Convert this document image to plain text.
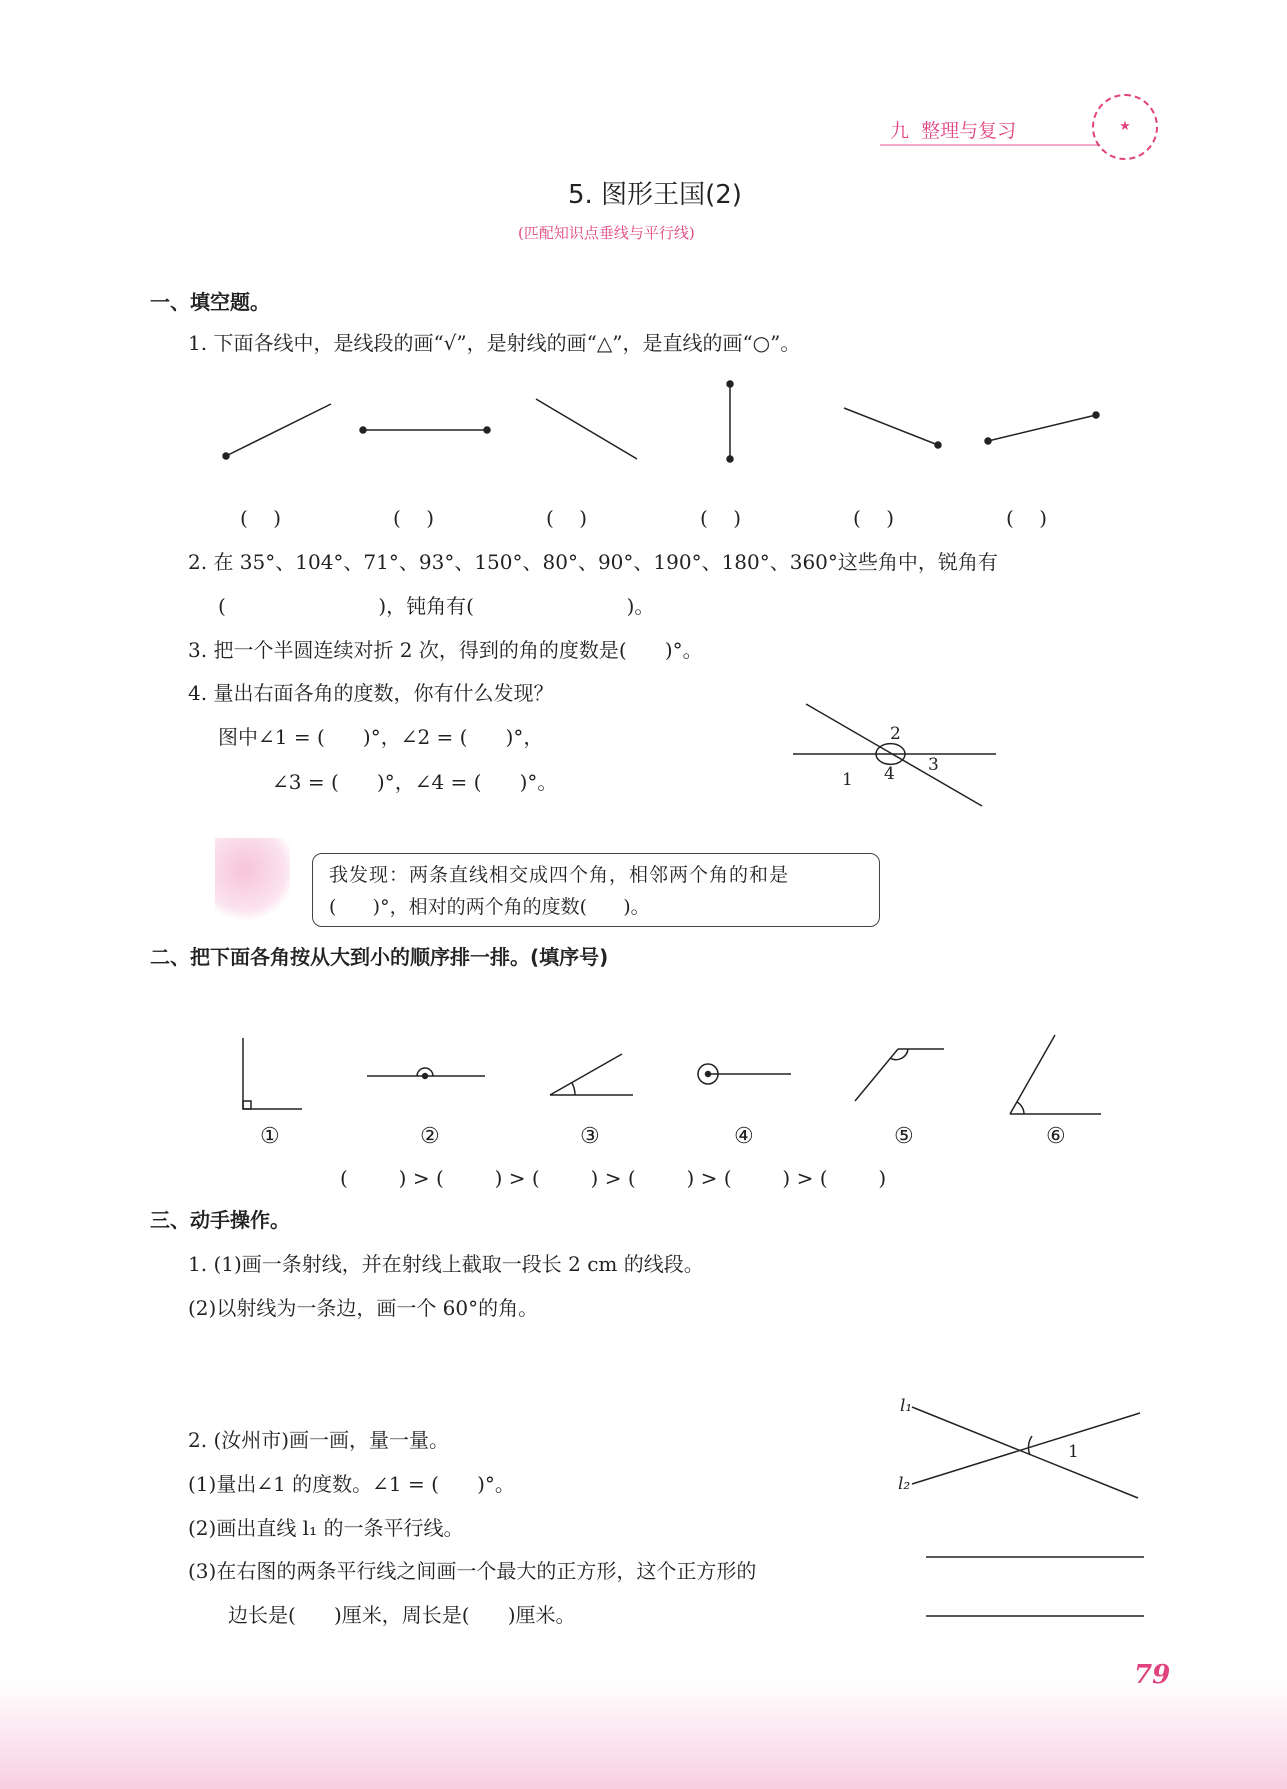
九  整理与复习	★
5. 图形王国(2)
(匹配知识点垂线与平行线)
一、填空题。
1. 下面各线中，是线段的画“√”，是射线的画“△”，是直线的画“○”。
(    )	(    )	(    )	(    )	(    )	(    )
2. 在 35°、104°、71°、93°、150°、80°、90°、190°、180°、360°这些角中，锐角有
(                        )，钝角有(                        )。
3. 把一个半圆连续对折 2 次，得到的角的度数是(      )°。
4. 量出右面各角的度数，你有什么发现？
图中∠1 = (      )°，∠2 = (      )°，
∠3 = (      )°，∠4 = (      )°。	1
2
3
4
我发现：两条直线相交成四个角，相邻两个角的和是
(      )°，相对的两个角的度数(      )。
二、把下面各角按从大到小的顺序排一排。(填序号)
①	②	③	④	⑤	⑥
(        ) > (        ) > (        ) > (        ) > (        ) > (        )
三、动手操作。
1. (1)画一条射线，并在射线上截取一段长 2 cm 的线段。
(2)以射线为一条边，画一个 60°的角。
2. (汝州市)画一画，量一量。
(1)量出∠1 的度数。∠1 = (      )°。
(2)画出直线 l₁ 的一条平行线。
(3)在右图的两条平行线之间画一个最大的正方形，这个正方形的
边长是(      )厘米，周长是(      )厘米。
l₁
l₂
1
79
